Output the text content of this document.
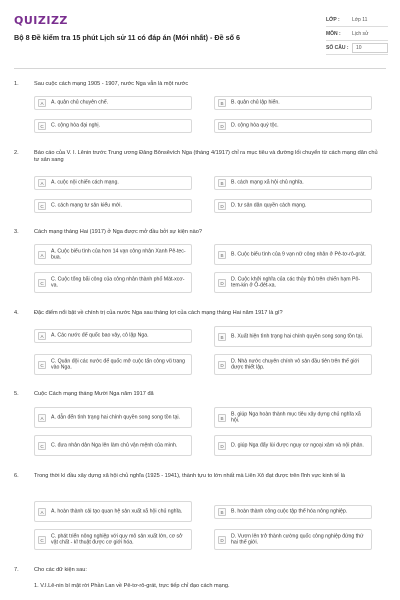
QUIZIZZ
Bộ 8 Đề kiểm tra 15 phút Lịch sử 11 có đáp án (Mới nhất) - Đề số 6
LỚP :	Lớp 11
MÔN :	Lịch sử
SỐ CÂU :	10
1.	Sau cuộc cách mạng 1905 - 1907, nước Nga vẫn là một nước
A	A. quân chủ chuyên chế.	B	B. quân chủ lập hiến.
C	C. cộng hòa đại nghị.	D	D. cộng hòa quý tộc.
2.	Báo cáo của V. I. Lênin trước Trung ương Đảng Bônsêvích Nga (tháng 4/1917) chỉ ra mục tiêu và đường lối chuyển từ cách mạng dân chủ tư sản sang
A	A. cuộc nội chiến cách mạng.	B	B. cách mạng xã hội chủ nghĩa.
C	C. cách mạng tư sản kiểu mới.	D	D. tư sản dân quyền cách mạng.
3.	Cách mạng tháng Hai (1917) ở Nga được mở đầu bởi sự kiện nào?
A
A. Cuộc biểu tình của hơn 14 vạn công nhân Xanh Pê-tec-bua.	B	B. Cuộc biểu tình của 9 vạn nữ công nhân ở Pê-tơ-rô-grát.
C
C. Cuộc tổng bãi công của công nhân thành phố Mát-xcơ-va.	D
D. Cuộc khởi nghĩa của các thủy thủ trên chiến hạm Pô-tem-kin ở Ô-đét-xa.
4.	Đặc điểm nổi bật về chính trị của nước Nga sau tháng lợi của cách mạng tháng Hai năm 1917 là gì?
A	A. Các nước đế quốc bao vây, cô lập Nga.	B	B. Xuất hiện tình trạng hai chính quyền song song tồn tại.
C
C. Quân đội các nước đế quốc mở cuộc tấn công vũ trang vào Nga.	D
D. Nhà nước chuyên chính vô sản đầu tiên trên thế giới được thiết lập.
5.	Cuộc Cách mạng tháng Mười Nga năm 1917 đã
A	A. dẫn đến tình trạng hai chính quyền song song tồn tại.	B
B. giúp Nga hoàn thành mục tiêu xây dựng chủ nghĩa xã hội.
C	C. đưa nhân dân Nga lên làm chủ vận mệnh của mình.	D	D. giúp Nga đẩy lùi được nguy cơ ngoại xâm và nội phản.
6.	Trong thời kì đầu xây dựng xã hội chủ nghĩa (1925 - 1941), thành tựu to lớn nhất mà Liên Xô đạt được trên lĩnh vực kinh tế là
A	A. hoàn thành cải tạo quan hệ sản xuất xã hội chủ nghĩa.	B	B. hoàn thành công cuộc tập thể hóa nông nghiệp.
C
C. phát triển nông nghiệp với quy mô sản xuất lớn, cơ sở vật chất - kĩ thuật được cơ giới hóa.	D
D. Vươn lên trở thành cường quốc công nghiệp đứng thứ hai thế giới.
7.	Cho các dữ kiện sau:
1. V.I.Lê-nin bí mật rời Phần Lan về Pê-tơ-rô-grát, trực tiếp chỉ đạo cách mạng.
